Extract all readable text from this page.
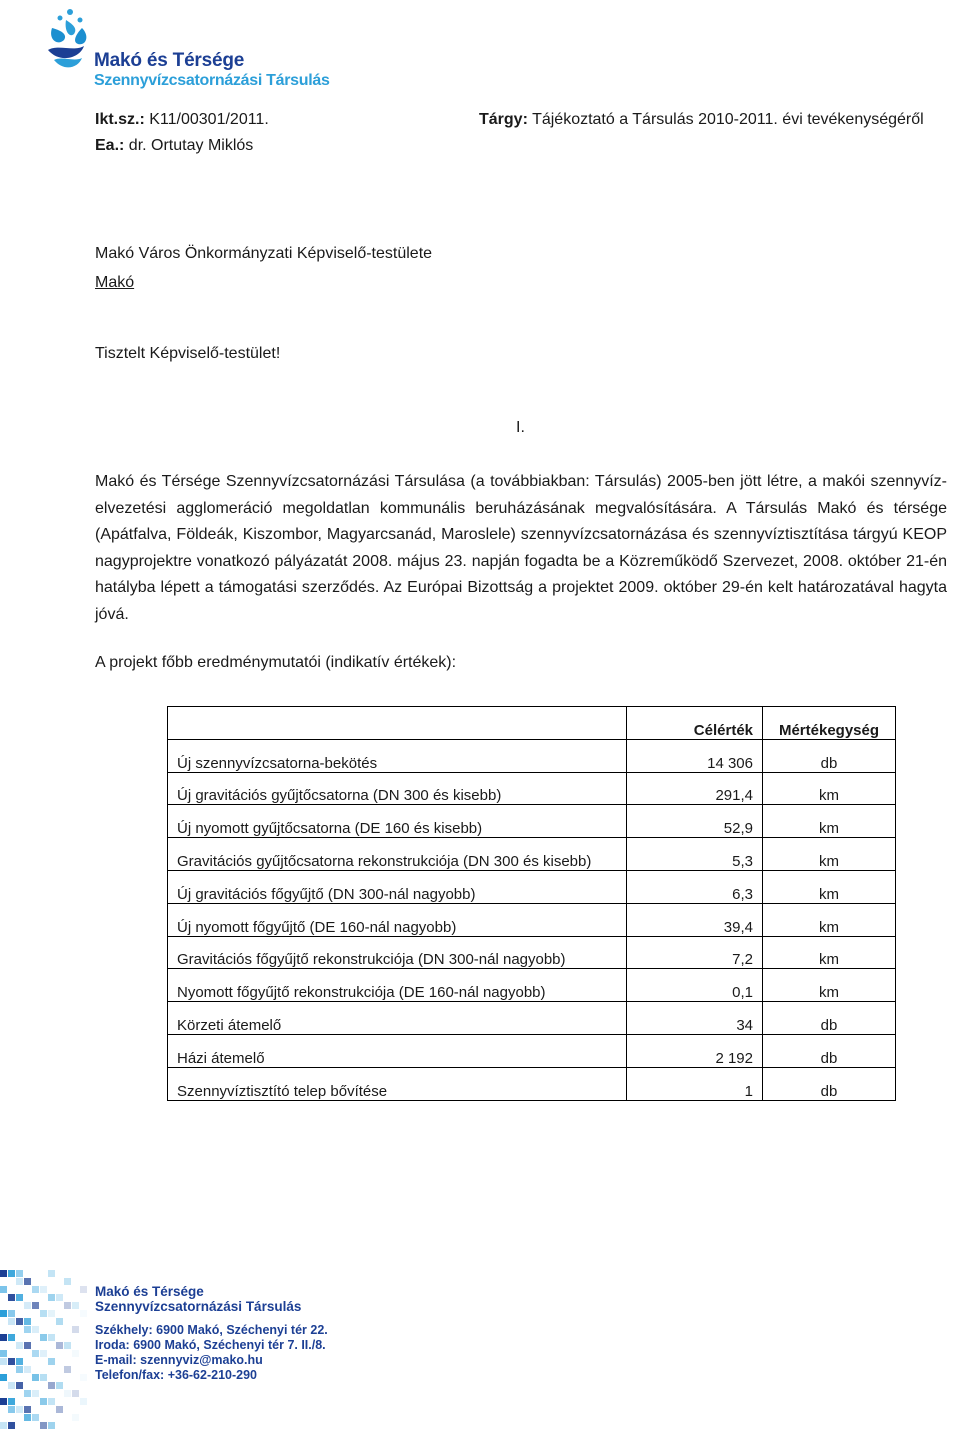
Makó és Térsége
Szennyvízcsatornázási Társulás
Ikt.sz.: K11/00301/2011.
Ea.: dr. Ortutay Miklós
Tárgy: Tájékoztató a Társulás 2010-2011. évi tevékenységéről
Makó Város Önkormányzati Képviselő-testülete
Makó
Tisztelt Képviselő-testület!
I.
Makó és Térsége Szennyvízcsatornázási Társulása (a továbbiakban: Társulás) 2005-ben jött létre, a makói szennyvíz-elvezetési agglomeráció megoldatlan kommunális beruházásának megvalósítására. A Társulás Makó és térsége (Apátfalva, Földeák, Kiszombor, Magyarcsanád, Maroslele) szennyvízcsatornázása és szennyvíztisztítása tárgyú KEOP nagyprojektre vonatkozó pályázatát 2008. május 23. napján fogadta be a Közreműködő Szervezet, 2008. október 21-én hatályba lépett a támogatási szerződés. Az Európai Bizottság a projektet 2009. október 29-én kelt határozatával hagyta jóvá.
A projekt főbb eredménymutatói (indikatív értékek):
	Célérték	Mértékegység
Új szennyvízcsatorna-bekötés	14 306	db
Új gravitációs gyűjtőcsatorna (DN 300 és kisebb)	291,4	km
Új nyomott gyűjtőcsatorna (DE 160 és kisebb)	52,9	km
Gravitációs gyűjtőcsatorna rekonstrukciója (DN 300 és kisebb)	5,3	km
Új gravitációs főgyűjtő (DN 300-nál nagyobb)	6,3	km
Új nyomott főgyűjtő (DE 160-nál nagyobb)	39,4	km
Gravitációs főgyűjtő rekonstrukciója (DN 300-nál nagyobb)	7,2	km
Nyomott főgyűjtő rekonstrukciója (DE 160-nál nagyobb)	0,1	km
Körzeti átemelő	34	db
Házi átemelő	2 192	db
Szennyvíztisztító telep bővítése	1	db
Makó és Térsége
Szennyvízcsatornázási Társulás
Székhely: 6900 Makó, Széchenyi tér 22.
Iroda: 6900 Makó, Széchenyi tér 7. II./8.
E-mail: szennyviz@mako.hu
Telefon/fax: +36-62-210-290
